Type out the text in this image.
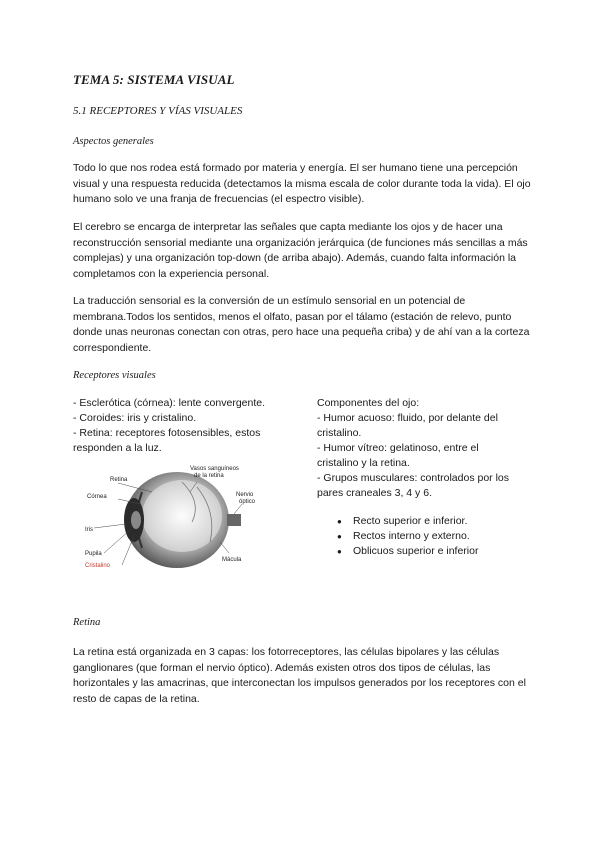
TEMA 5: SISTEMA VISUAL
5.1 RECEPTORES Y VÍAS VISUALES
Aspectos generales

Todo lo que nos rodea está formado por materia y energía. El ser humano tiene una percepción visual y una respuesta reducida (detectamos la misma escala de color durante toda la vida). El ojo humano solo ve una franja de frecuencias (el espectro visible).

El cerebro se encarga de interpretar las señales que capta mediante los ojos y de hacer una reconstrucción sensorial mediante una organización jerárquica (de funciones más sencillas a más complejas) y una organización top-down (de arriba abajo). Además, cuando falta información la completamos con la experiencia personal.

La traducción sensorial es la conversión de un estímulo sensorial en un potencial de membrana.Todos los sentidos, menos el olfato, pasan por el tálamo (estación de relevo, punto donde unas neuronas conectan con otras, pero hace una pequeña criba) y de ahí van a la corteza correspondiente.

Receptores visuales
- Esclerótica (córnea): lente convergente.
- Coroides: iris y cristalino.
- Retina: receptores fotosensibles, estos
responden a la luz.
Retina
Córnea
Iris
Pupila
Cristalino
Vasos sanguíneos
de la retina
Nervio
óptico
Mácula
Componentes del ojo:
- Humor acuoso: fluido, por delante del
cristalino.
- Humor vítreo: gelatinoso, entre el
cristalino y la retina.
- Grupos musculares: controlados por los
pares craneales 3, 4 y 6.
● Recto superior e inferior.
● Rectos interno y externo.
● Oblicuos superior e inferior
Retina

La retina está organizada en 3 capas: los fotorreceptores, las células bipolares y las células ganglionares (que forman el nervio óptico). Además existen otros dos tipos de células, las horizontales y las amacrinas, que interconectan los impulsos generados por los receptores con el resto de capas de la retina.
